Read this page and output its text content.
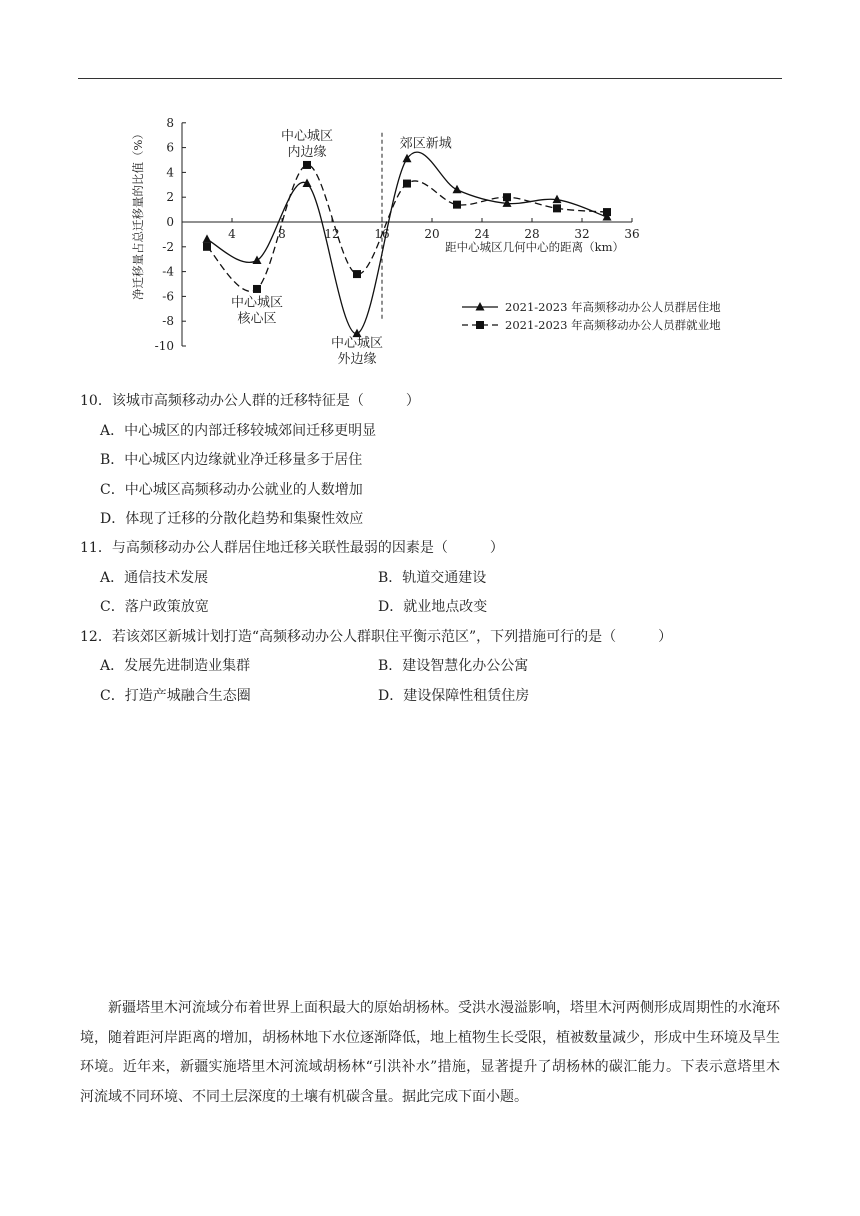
8
6
4
2
0
-2
-4
-6
-8
-10
4	8	12	16	20	24	28	32	36
净迁移量占总迁移量的比值（%）	距中心城区几何中心的距离（km）
中心城区
内边缘
郊区新城
中心城区
核心区
中心城区
外边缘
2021-2023 年高频移动办公人员群居住地
2021-2023 年高频移动办公人员群就业地
10．该城市高频移动办公人群的迁移特征是（　　　）
A．中心城区的内部迁移较城郊间迁移更明显
B．中心城区内边缘就业净迁移量多于居住
C．中心城区高频移动办公就业的人数增加
D．体现了迁移的分散化趋势和集聚性效应
11．与高频移动办公人群居住地迁移关联性最弱的因素是（　　　）
A．通信技术发展	B．轨道交通建设
C．落户政策放宽	D．就业地点改变
12．若该郊区新城计划打造“高频移动办公人群职住平衡示范区”，下列措施可行的是（　　　）
A．发展先进制造业集群	B．建设智慧化办公公寓
C．打造产城融合生态圈	D．建设保障性租赁住房
新疆塔里木河流域分布着世界上面积最大的原始胡杨林。受洪水漫溢影响，塔里木河两侧形成周期性的水淹环境，随着距河岸距离的增加，胡杨林地下水位逐渐降低，地上植物生长受限，植被数量减少，形成中生环境及旱生环境。近年来，新疆实施塔里木河流域胡杨林“引洪补水”措施，显著提升了胡杨林的碳汇能力。下表示意塔里木河流域不同环境、不同土层深度的土壤有机碳含量。据此完成下面小题。
